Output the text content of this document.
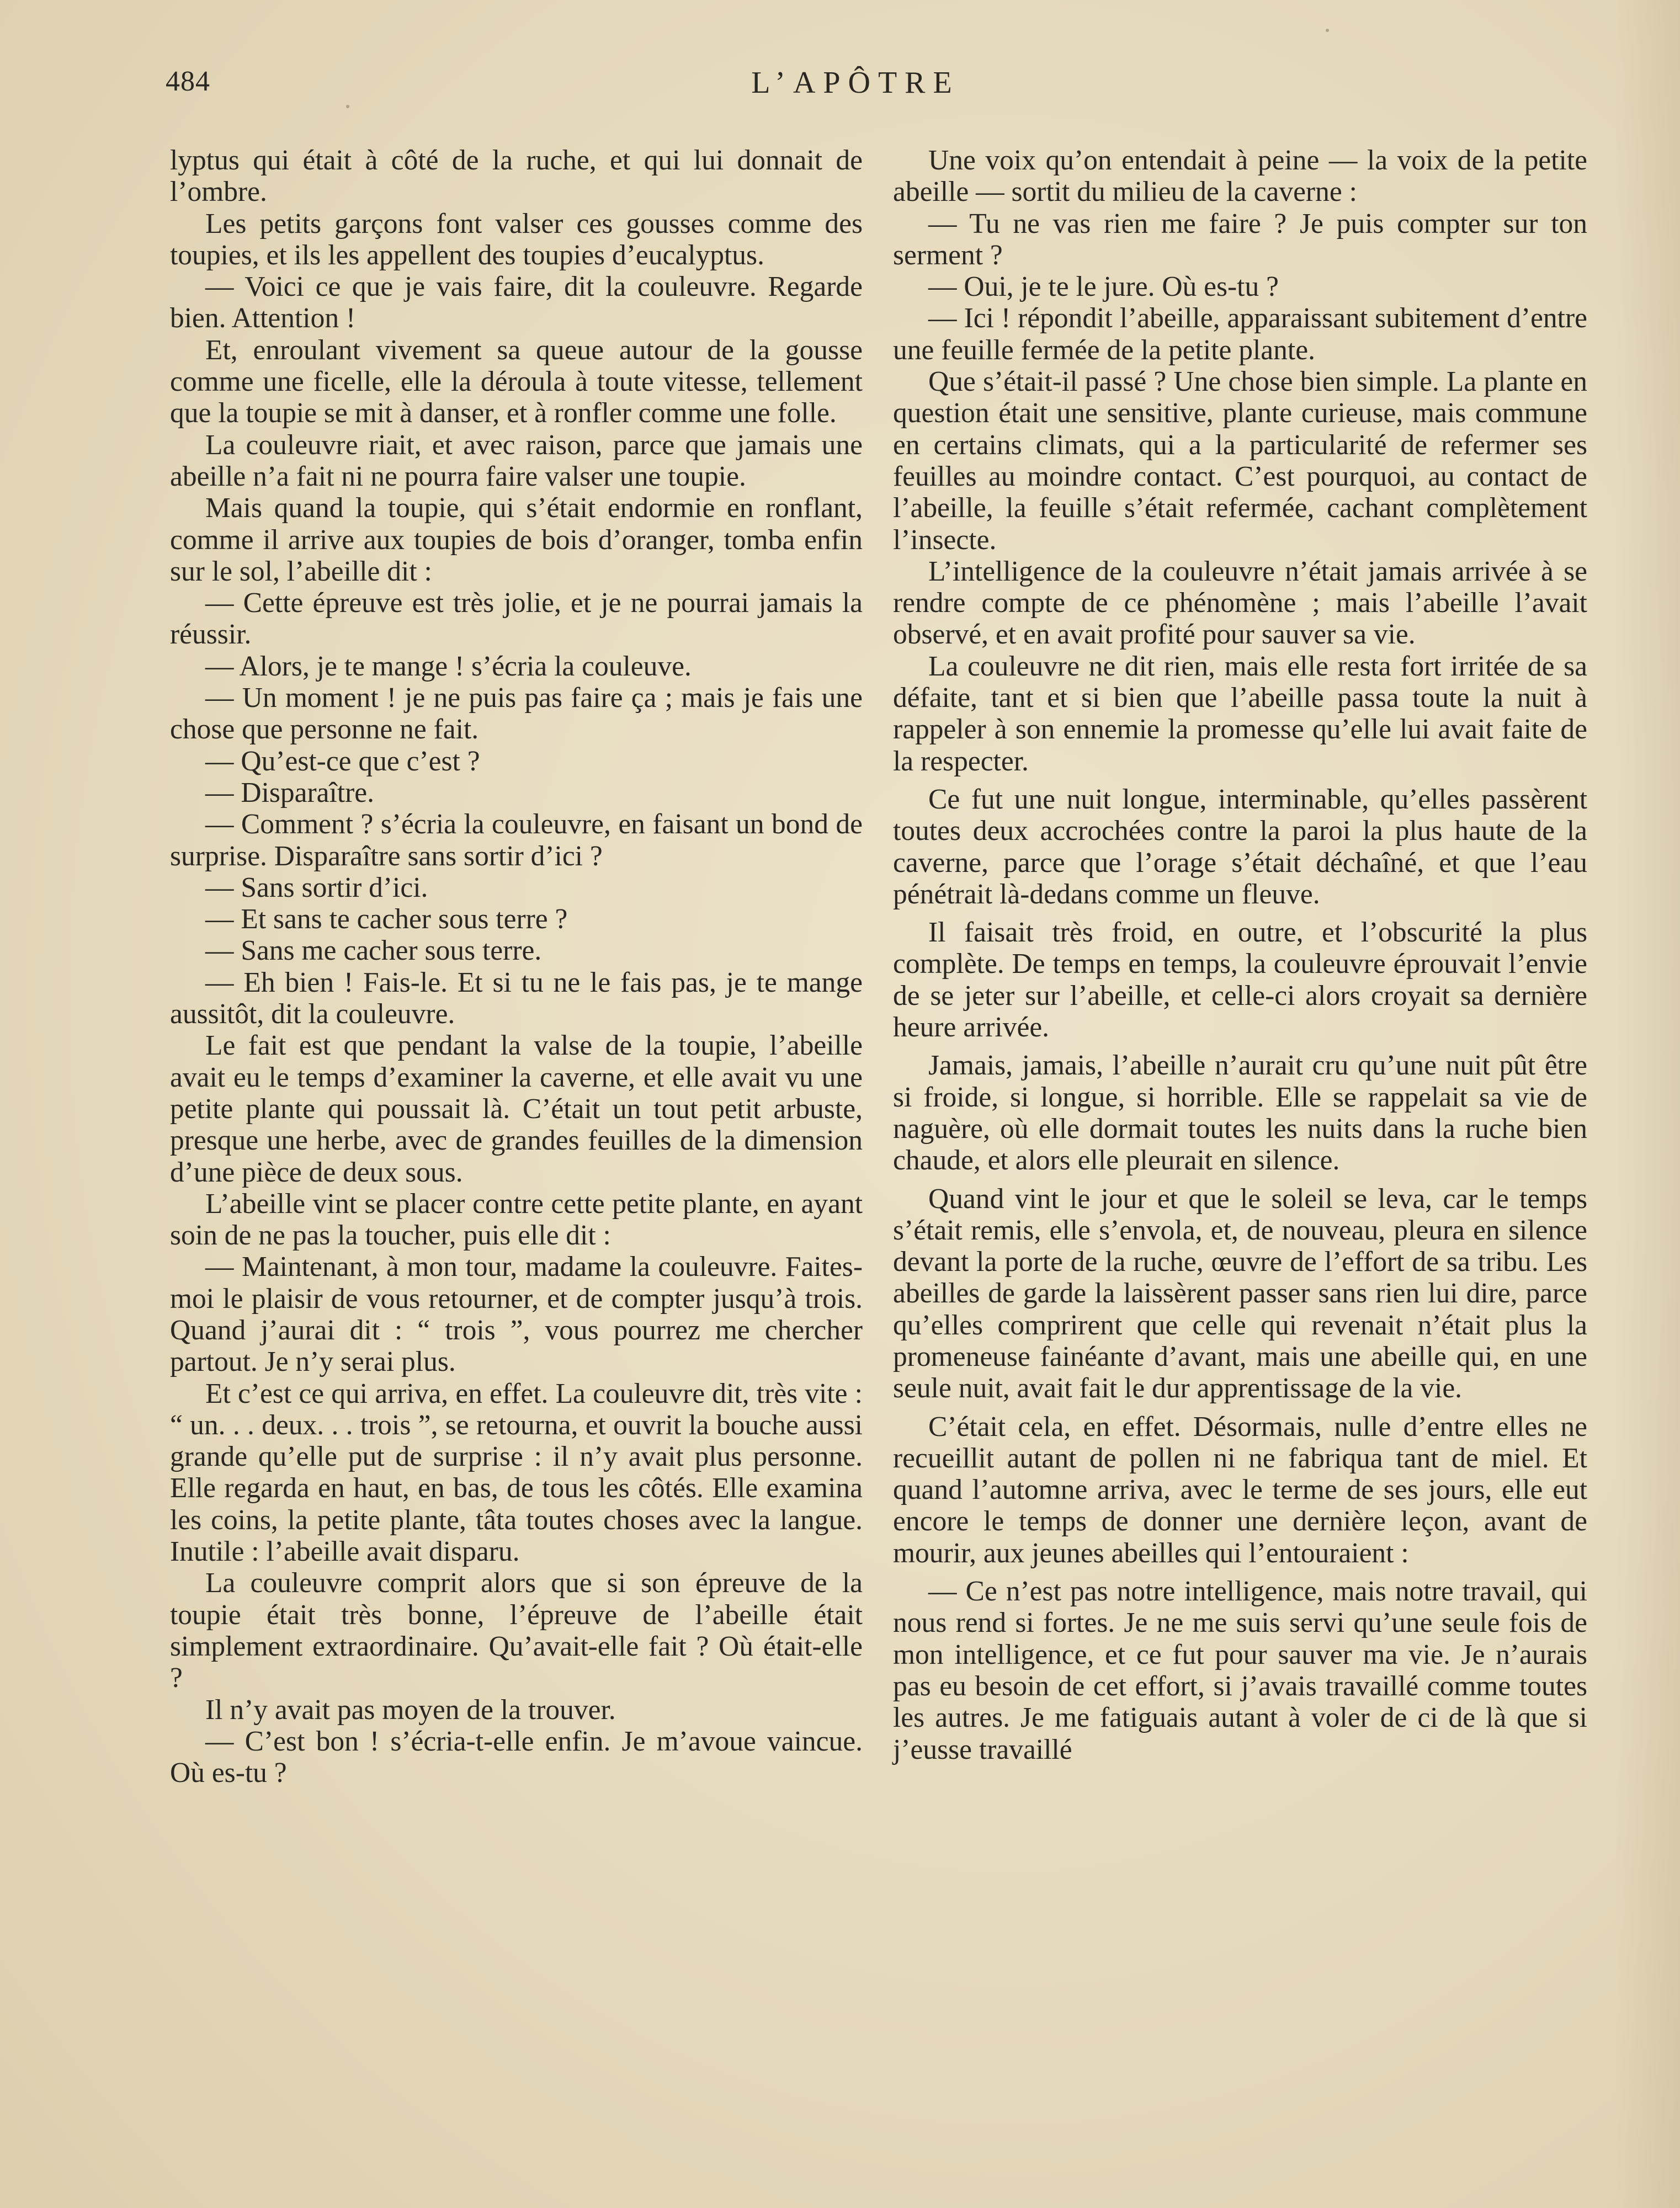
484	L’APÔTRE

lyptus qui était à côté de la ruche, et qui lui donnait de l’ombre.

Les petits garçons font valser ces gousses comme des toupies, et ils les appellent des toupies d’eucalyptus.

— Voici ce que je vais faire, dit la couleuvre. Regarde bien. Attention !

Et, enroulant vivement sa queue autour de la gousse comme une ficelle, elle la déroula à toute vitesse, tellement que la toupie se mit à danser, et à ronfler comme une folle.

La couleuvre riait, et avec raison, parce que jamais une abeille n’a fait ni ne pourra faire valser une toupie.

Mais quand la toupie, qui s’était endormie en ronflant, comme il arrive aux toupies de bois d’oranger, tomba enfin sur le sol, l’abeille dit :

— Cette épreuve est très jolie, et je ne pourrai jamais la réussir.

— Alors, je te mange ! s’écria la couleuve.

— Un moment ! je ne puis pas faire ça ; mais je fais une chose que personne ne fait.

— Qu’est-ce que c’est ?

— Disparaître.

— Comment ? s’écria la couleuvre, en faisant un bond de surprise. Disparaître sans sortir d’ici ?

— Sans sortir d’ici.

— Et sans te cacher sous terre ?

— Sans me cacher sous terre.

— Eh bien ! Fais-le. Et si tu ne le fais pas, je te mange aussitôt, dit la couleuvre.

Le fait est que pendant la valse de la toupie, l’abeille avait eu le temps d’examiner la caverne, et elle avait vu une petite plante qui poussait là. C’était un tout petit arbuste, presque une herbe, avec de grandes feuilles de la dimension d’une pièce de deux sous.

L’abeille vint se placer contre cette petite plante, en ayant soin de ne pas la toucher, puis elle dit :

— Maintenant, à mon tour, madame la couleuvre. Faites-moi le plaisir de vous retourner, et de compter jusqu’à trois. Quand j’aurai dit : “ trois ”, vous pourrez me chercher partout. Je n’y serai plus.

Et c’est ce qui arriva, en effet. La couleuvre dit, très vite : “ un. . . deux. . . trois ”, se retourna, et ouvrit la bouche aussi grande qu’elle put de surprise : il n’y avait plus personne. Elle regarda en haut, en bas, de tous les côtés. Elle examina les coins, la petite plante, tâta toutes choses avec la langue. Inutile : l’abeille avait disparu.

La couleuvre comprit alors que si son épreuve de la toupie était très bonne, l’épreuve de l’abeille était simplement extraordinaire. Qu’avait-elle fait ? Où était-elle ?

Il n’y avait pas moyen de la trouver.

— C’est bon ! s’écria-t-elle enfin. Je m’avoue vaincue. Où es-tu ?

Une voix qu’on entendait à peine — la voix de la petite abeille — sortit du milieu de la caverne :

— Tu ne vas rien me faire ? Je puis compter sur ton serment ?

— Oui, je te le jure. Où es-tu ?

— Ici ! répondit l’abeille, apparaissant subitement d’entre une feuille fermée de la petite plante.

Que s’était-il passé ? Une chose bien simple. La plante en question était une sensitive, plante curieuse, mais commune en certains climats, qui a la particularité de refermer ses feuilles au moindre contact. C’est pourquoi, au contact de l’abeille, la feuille s’était refermée, cachant complètement l’insecte.

L’intelligence de la couleuvre n’était jamais arrivée à se rendre compte de ce phénomène ; mais l’abeille l’avait observé, et en avait profité pour sauver sa vie.

La couleuvre ne dit rien, mais elle resta fort irritée de sa défaite, tant et si bien que l’abeille passa toute la nuit à rappeler à son ennemie la promesse qu’elle lui avait faite de la respecter.

Ce fut une nuit longue, interminable, qu’elles passèrent toutes deux accrochées contre la paroi la plus haute de la caverne, parce que l’orage s’était déchaîné, et que l’eau pénétrait là-dedans comme un fleuve.

Il faisait très froid, en outre, et l’obscurité la plus complète. De temps en temps, la couleuvre éprouvait l’envie de se jeter sur l’abeille, et celle-ci alors croyait sa dernière heure arrivée.

Jamais, jamais, l’abeille n’aurait cru qu’une nuit pût être si froide, si longue, si horrible. Elle se rappelait sa vie de naguère, où elle dormait toutes les nuits dans la ruche bien chaude, et alors elle pleurait en silence.

Quand vint le jour et que le soleil se leva, car le temps s’était remis, elle s’envola, et, de nouveau, pleura en silence devant la porte de la ruche, œuvre de l’effort de sa tribu. Les abeilles de garde la laissèrent passer sans rien lui dire, parce qu’elles comprirent que celle qui revenait n’était plus la promeneuse fainéante d’avant, mais une abeille qui, en une seule nuit, avait fait le dur apprentissage de la vie.

C’était cela, en effet. Désormais, nulle d’entre elles ne recueillit autant de pollen ni ne fabriqua tant de miel. Et quand l’automne arriva, avec le terme de ses jours, elle eut encore le temps de donner une dernière leçon, avant de mourir, aux jeunes abeilles qui l’entouraient :

— Ce n’est pas notre intelligence, mais notre travail, qui nous rend si fortes. Je ne me suis servi qu’une seule fois de mon intelligence, et ce fut pour sauver ma vie. Je n’aurais pas eu besoin de cet effort, si j’avais travaillé comme toutes les autres. Je me fatiguais autant à voler de ci de là que si j’eusse travaillé
